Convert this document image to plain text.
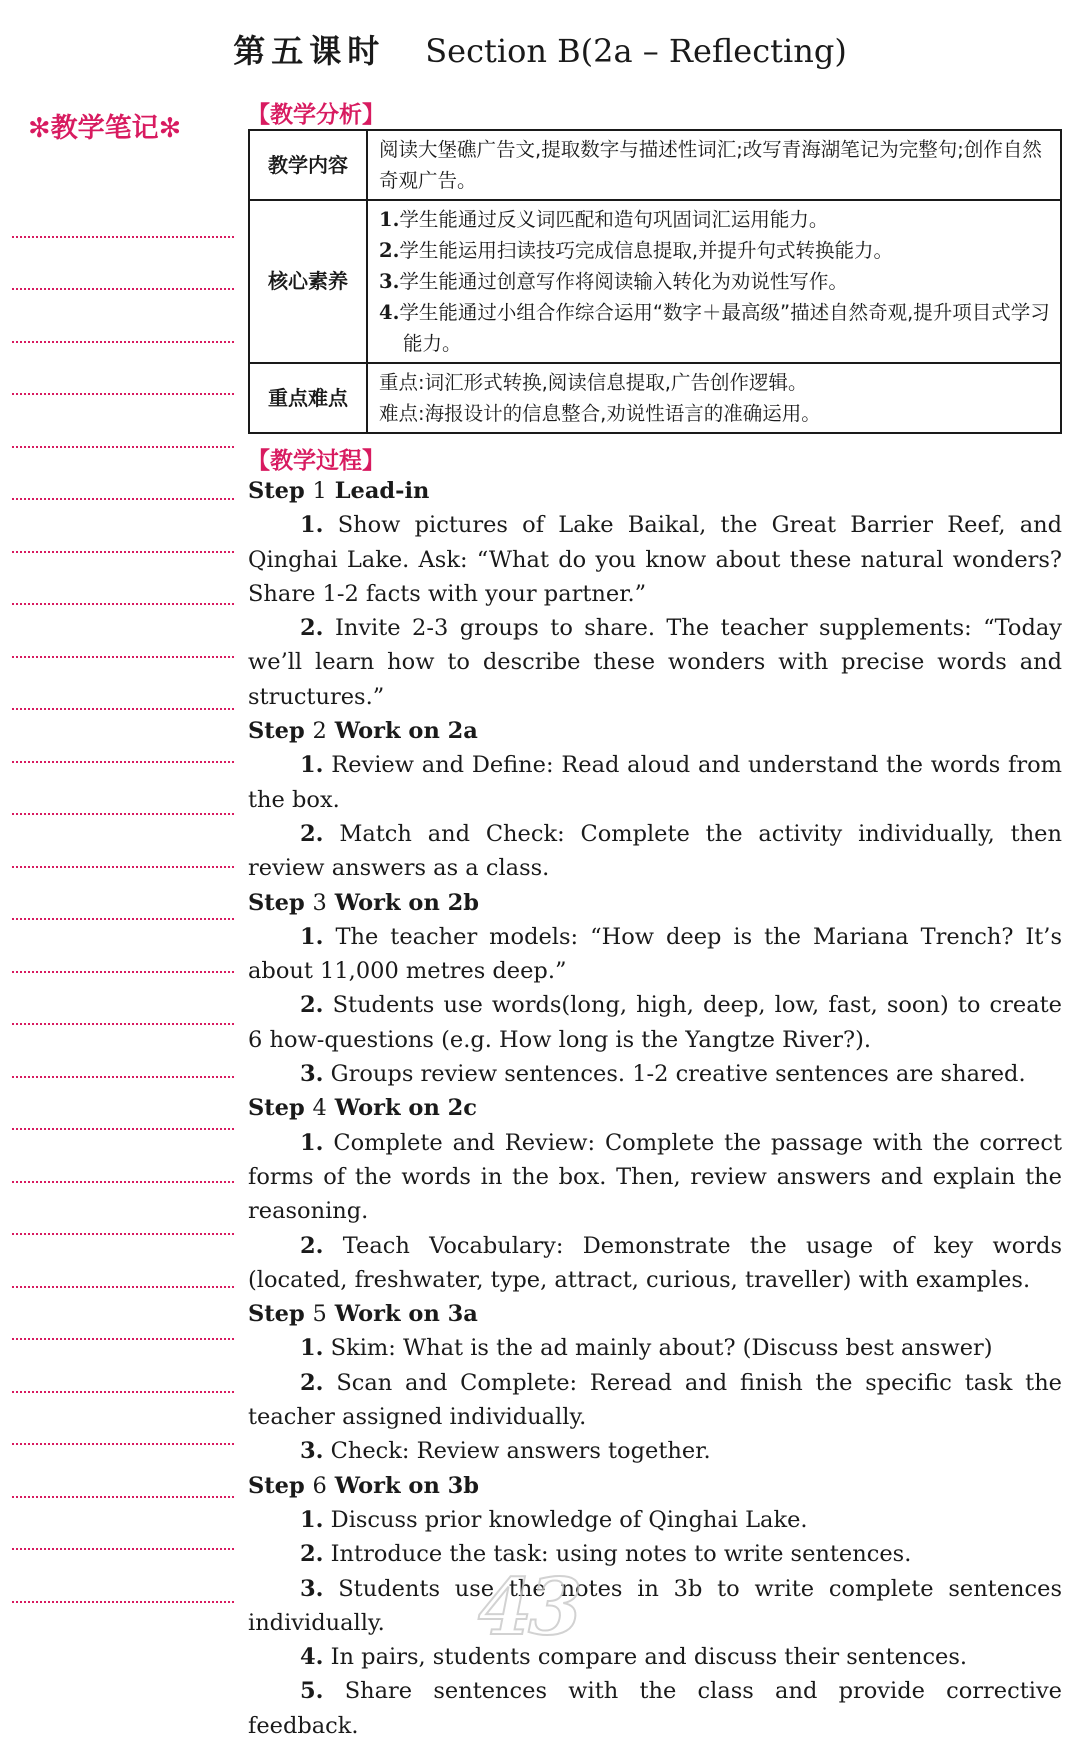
第五课时 Section B(2a – Reflecting)
✻教学笔记✻	【教学分析】
教学内容	阅读大堡礁广告文,提取数字与描述性词汇;改写青海湖笔记为完整句;创作自然奇观广告。
核心素养	1.学生能通过反义词匹配和造句巩固词汇运用能力。
2.学生能运用扫读技巧完成信息提取,并提升句式转换能力。
3.学生能通过创意写作将阅读输入转化为劝说性写作。
4.学生能通过小组合作综合运用“数字＋最高级”描述自然奇观,提升项目式学习能力。

重点难点	重点:词汇形式转换,阅读信息提取,广告创作逻辑。
难点:海报设计的信息整合,劝说性语言的准确运用。
【教学过程】

Step 1 Lead-in

1. Show pictures of Lake Baikal, the Great Barrier Reef, and Qinghai Lake. Ask: “What do you know about these natural wonders? Share 1-2 facts with your partner.”

2. Invite 2-3 groups to share. The teacher supplements: “Today we’ll learn how to describe these wonders with precise words and structures.”

Step 2 Work on 2a

1. Review and Define: Read aloud and understand the words from the box.

2. Match and Check: Complete the activity individually, then review answers as a class.

Step 3 Work on 2b

1. The teacher models: “How deep is the Mariana Trench? It’s about 11,000 metres deep.”

2. Students use words(long, high, deep, low, fast, soon) to create 6 how-questions (e.g. How long is the Yangtze River?).

3. Groups review sentences. 1-2 creative sentences are shared.

Step 4 Work on 2c

1. Complete and Review: Complete the passage with the correct forms of the words in the box. Then, review answers and explain the reasoning.

2. Teach Vocabulary: Demonstrate the usage of key words (located, freshwater, type, attract, curious, traveller) with examples.

Step 5 Work on 3a

1. Skim: What is the ad mainly about? (Discuss best answer)

2. Scan and Complete: Reread and finish the specific task the teacher assigned individually.

3. Check: Review answers together.

Step 6 Work on 3b

1. Discuss prior knowledge of Qinghai Lake.

2. Introduce the task: using notes to write sentences.

3. Students use the notes in 3b to write complete sentences individually.

4. In pairs, students compare and discuss their sentences.

5. Share sentences with the class and provide corrective feedback.

43
